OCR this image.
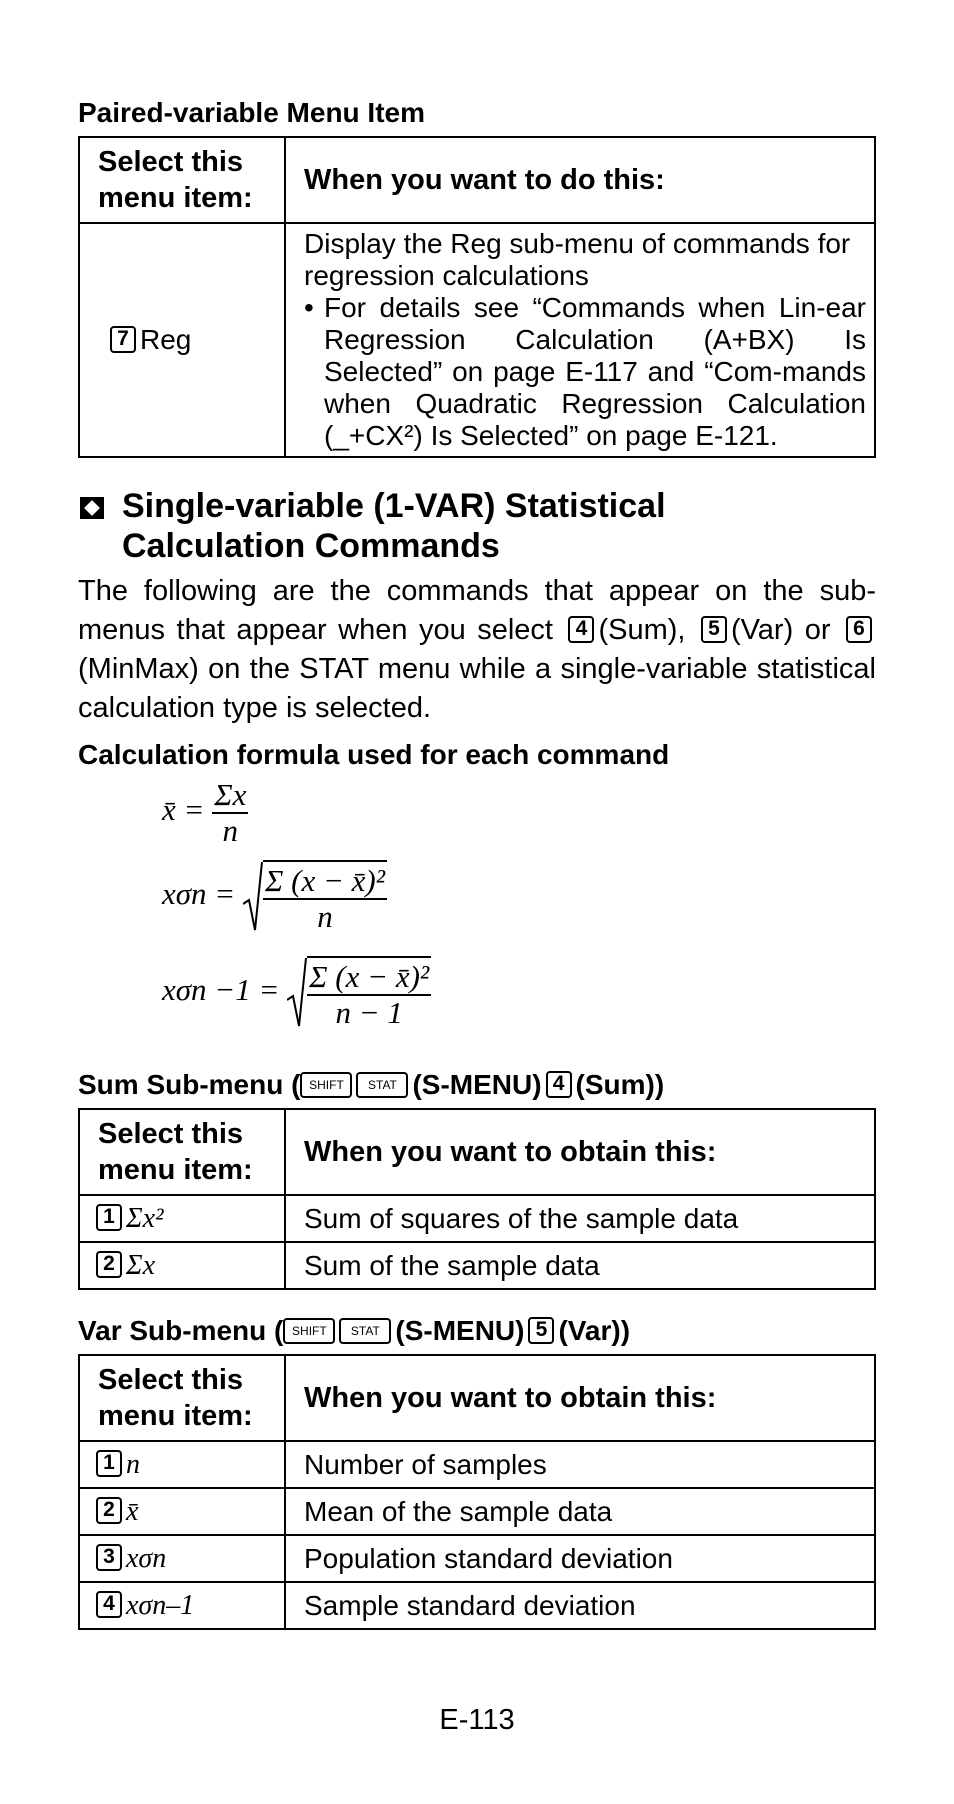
Paired-variable Menu Item
Select this menu item:	When you want to do this:
7 Reg	Display the Reg sub-menu of commands for regression calculations
• For details see “Commands when Lin-ear Regression Calculation (A+BX) Is Selected” on page E-117 and “Com-mands when Quadratic Regression Calculation (_+CX²) Is Selected” on page E-121.
Single-variable (1-VAR) Statistical
Calculation Commands
The following are the commands that appear on the sub-menus that appear when you select 4 (Sum), 5 (Var) or 6(MinMax) on the STAT menu while a single-variable statistical calculation type is selected.
Calculation formula used for each command
x̄ = $\frac{\Sigma x}{n}$
$x\sigma n = \frac{\text{Σ (x − x̄)²}}{n}$
$x\sigma n -1 = \frac{\text{Σ (x − x̄)²}}{n - 1}$
Sum Sub-menu ( SHIFT STAT (S-MENU) 4 (Sum))
Select this menu item:	When you want to obtain this:
1 Σx²	Sum of squares of the sample data
2 Σx	Sum of the sample data
Var Sub-menu ( SHIFT STAT (S-MENU) 5 (Var))
Select this menu item:	When you want to obtain this:
1 n	Number of samples
2 x̄	Mean of the sample data
3 xσn	Population standard deviation
4 xσn–1	Sample standard deviation
E-113
